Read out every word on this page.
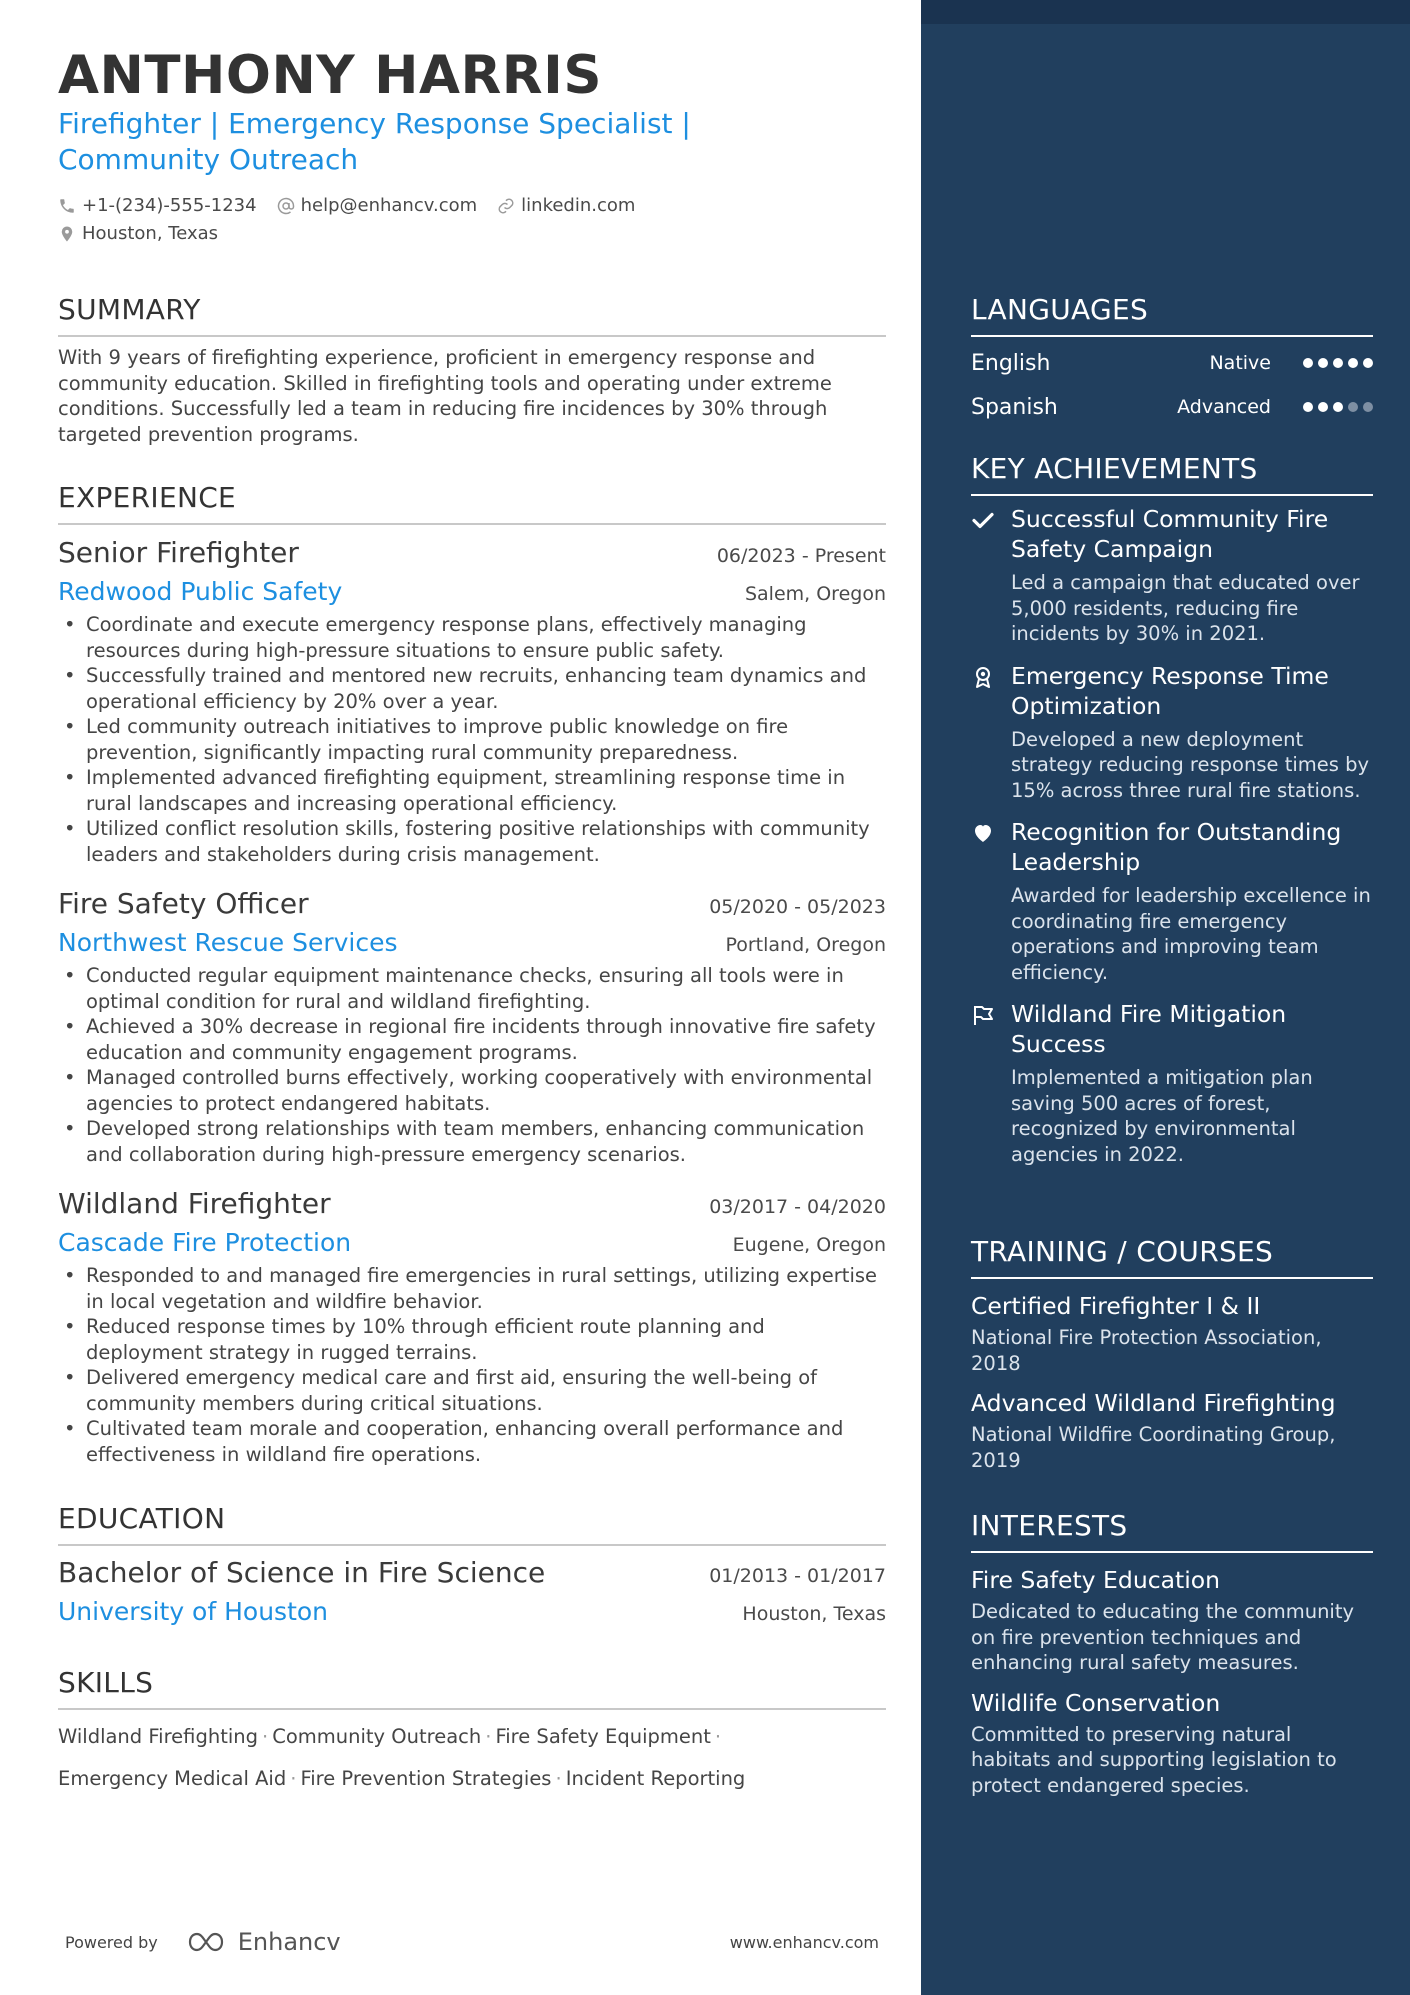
ANTHONY HARRIS
Firefighter | Emergency Response Specialist | Community Outreach
+1-(234)-555-1234 help@enhancv.com linkedin.com
Houston, Texas
SUMMARY

With 9 years of firefighting experience, proficient in emergency response and community education. Skilled in firefighting tools and operating under extreme conditions. Successfully led a team in reducing fire incidences by 30% through targeted prevention programs.

EXPERIENCE
Senior Firefighter	06/2023 - Present
Redwood Public Safety	Salem, Oregon
• Coordinate and execute emergency response plans, effectively managing resources during high-pressure situations to ensure public safety.
• Successfully trained and mentored new recruits, enhancing team dynamics and operational efficiency by 20% over a year.
• Led community outreach initiatives to improve public knowledge on fire prevention, significantly impacting rural community preparedness.
• Implemented advanced firefighting equipment, streamlining response time in rural landscapes and increasing operational efficiency.
• Utilized conflict resolution skills, fostering positive relationships with community leaders and stakeholders during crisis management.
Fire Safety Officer	05/2020 - 05/2023
Northwest Rescue Services	Portland, Oregon
• Conducted regular equipment maintenance checks, ensuring all tools were in optimal condition for rural and wildland firefighting.
• Achieved a 30% decrease in regional fire incidents through innovative fire safety education and community engagement programs.
• Managed controlled burns effectively, working cooperatively with environmental agencies to protect endangered habitats.
• Developed strong relationships with team members, enhancing communication and collaboration during high-pressure emergency scenarios.
Wildland Firefighter	03/2017 - 04/2020
Cascade Fire Protection	Eugene, Oregon
• Responded to and managed fire emergencies in rural settings, utilizing expertise in local vegetation and wildfire behavior.
• Reduced response times by 10% through efficient route planning and deployment strategy in rugged terrains.
• Delivered emergency medical care and first aid, ensuring the well-being of community members during critical situations.
• Cultivated team morale and cooperation, enhancing overall performance and effectiveness in wildland fire operations.
EDUCATION
Bachelor of Science in Fire Science	01/2013 - 01/2017
University of Houston	Houston, Texas
SKILLS
Wildland Firefighting · Community Outreach · Fire Safety Equipment ·
Emergency Medical Aid · Fire Prevention Strategies · Incident Reporting
Powered by	Enhancv	www.enhancv.com
LANGUAGES
English	Native
Spanish	Advanced
KEY ACHIEVEMENTS
Successful Community Fire Safety Campaign
Led a campaign that educated over 5,000 residents, reducing fire incidents by 30% in 2021.
Emergency Response Time Optimization
Developed a new deployment strategy reducing response times by 15% across three rural fire stations.
Recognition for Outstanding Leadership
Awarded for leadership excellence in coordinating fire emergency operations and improving team efficiency.
Wildland Fire Mitigation Success
Implemented a mitigation plan saving 500 acres of forest, recognized by environmental agencies in 2022.
TRAINING / COURSES
Certified Firefighter I & II
National Fire Protection Association, 2018
Advanced Wildland Firefighting
National Wildfire Coordinating Group, 2019
INTERESTS
Fire Safety Education
Dedicated to educating the community on fire prevention techniques and enhancing rural safety measures.
Wildlife Conservation
Committed to preserving natural habitats and supporting legislation to protect endangered species.
